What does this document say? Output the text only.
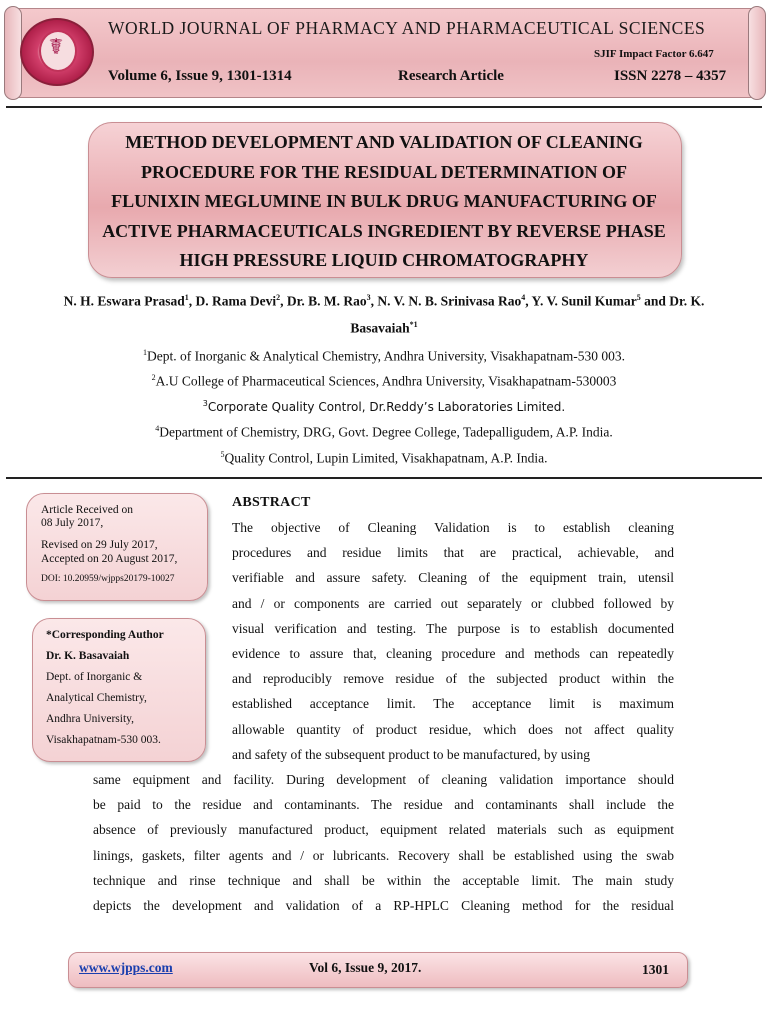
☤
WORLD JOURNAL OF PHARMACY AND PHARMACEUTICAL SCIENCES
SJIF Impact Factor 6.647
Volume 6, Issue 9, 1301-1314	Research Article	ISSN 2278 – 4357
METHOD DEVELOPMENT AND VALIDATION OF CLEANING
PROCEDURE FOR THE RESIDUAL DETERMINATION OF
FLUNIXIN MEGLUMINE IN BULK DRUG MANUFACTURING OF
ACTIVE PHARMACEUTICALS INGREDIENT BY REVERSE PHASE
HIGH PRESSURE LIQUID CHROMATOGRAPHY
N. H. Eswara Prasad$^1$, D. Rama Devi$^2$, Dr. B. M. Rao$^3$, N. V. N. B. Srinivasa Rao$^4$, Y. V. Sunil Kumar$^5$ and Dr. K. Basavaiah$^{*1}$
$^1$Dept. of Inorganic & Analytical Chemistry, Andhra University, Visakhapatnam-530 003.
$^2$A.U College of Pharmaceutical Sciences, Andhra University, Visakhapatnam-530003
$^3$Corporate Quality Control, Dr.Reddy’s Laboratories Limited.
$^4$Department of Chemistry, DRG, Govt. Degree College, Tadepalligudem, A.P. India.
$^5$Quality Control, Lupin Limited, Visakhapatnam, A.P. India.
Article Received on
08 July 2017,
Revised on 29 July 2017,
Accepted on 20 August 2017,
DOI: 10.20959/wjpps20179-10027
*Corresponding Author
Dr. K. Basavaiah
Dept. of Inorganic &
Analytical Chemistry,
Andhra University,
Visakhapatnam-530 003.
ABSTRACT
The objective of Cleaning Validation is to establish cleaning
procedures and residue limits that are practical, achievable, and
verifiable and assure safety. Cleaning of the equipment train, utensil
and / or components are carried out separately or clubbed followed by
visual verification and testing. The purpose is to establish documented
evidence to assure that, cleaning procedure and methods can repeatedly
and reproducibly remove residue of the subjected product within the
established acceptance limit. The acceptance limit is maximum
allowable quantity of product residue, which does not affect quality
and safety of the subsequent product to be manufactured, by using
same equipment and facility. During development of cleaning validation importance should
be paid to the residue and contaminants. The residue and contaminants shall include the
absence of previously manufactured product, equipment related materials such as equipment
linings, gaskets, filter agents and / or lubricants. Recovery shall be established using the swab
technique and rinse technique and shall be within the acceptable limit. The main study
depicts the development and validation of a RP-HPLC Cleaning method for the residual
www.wjpps.com	Vol 6, Issue 9, 2017.	1301
